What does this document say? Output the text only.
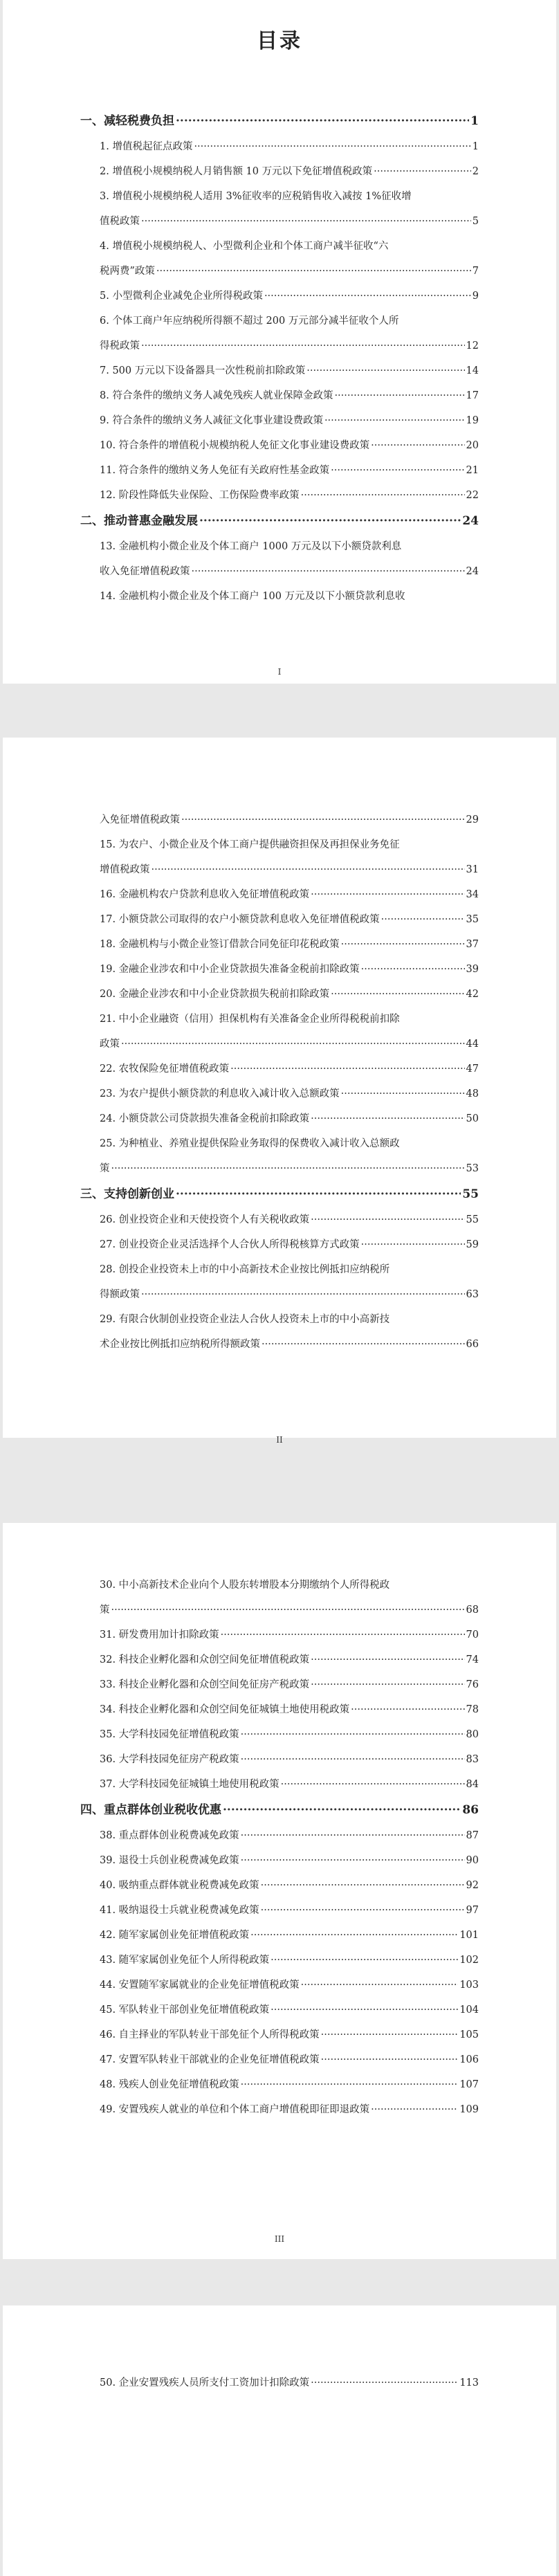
目录
一、减轻税费负担 ·····	1
1. 增值税起征点政策 ·····	1
2. 增值税小规模纳税人月销售额 10 万元以下免征增值税政策 ·····	2
3. 增值税小规模纳税人适用 3%征收率的应税销售收入减按 1%征收增
值税政策 ·····	5
4. 增值税小规模纳税人、小型微利企业和个体工商户减半征收“六
税两费”政策 ·····	7
5. 小型微利企业减免企业所得税政策 ·····	9
6. 个体工商户年应纳税所得额不超过 200 万元部分减半征收个人所
得税政策 ·····	12
7. 500 万元以下设备器具一次性税前扣除政策 ·····	14
8. 符合条件的缴纳义务人减免残疾人就业保障金政策 ·····	17
9. 符合条件的缴纳义务人减征文化事业建设费政策 ·····	19
10. 符合条件的增值税小规模纳税人免征文化事业建设费政策 ·····	20
11. 符合条件的缴纳义务人免征有关政府性基金政策 ·····	21
12. 阶段性降低失业保险、工伤保险费率政策 ·····	22
二、推动普惠金融发展 ·····	24
13. 金融机构小微企业及个体工商户 1000 万元及以下小额贷款利息
收入免征增值税政策 ·····	24
14. 金融机构小微企业及个体工商户 100 万元及以下小额贷款利息收
I
入免征增值税政策 ·····	29
15. 为农户、小微企业及个体工商户提供融资担保及再担保业务免征
增值税政策 ·····	31
16. 金融机构农户贷款利息收入免征增值税政策 ·····	34
17. 小额贷款公司取得的农户小额贷款利息收入免征增值税政策 ·····	35
18. 金融机构与小微企业签订借款合同免征印花税政策 ·····	37
19. 金融企业涉农和中小企业贷款损失准备金税前扣除政策 ·····	39
20. 金融企业涉农和中小企业贷款损失税前扣除政策 ·····	42
21. 中小企业融资（信用）担保机构有关准备金企业所得税税前扣除
政策 ·····	44
22. 农牧保险免征增值税政策 ·····	47
23. 为农户提供小额贷款的利息收入减计收入总额政策 ·····	48
24. 小额贷款公司贷款损失准备金税前扣除政策 ·····	50
25. 为种植业、养殖业提供保险业务取得的保费收入减计收入总额政
策 ·····	53
三、支持创新创业 ·····	55
26. 创业投资企业和天使投资个人有关税收政策 ·····	55
27. 创业投资企业灵活选择个人合伙人所得税核算方式政策 ·····	59
28. 创投企业投资未上市的中小高新技术企业按比例抵扣应纳税所
得额政策 ·····	63
29. 有限合伙制创业投资企业法人合伙人投资未上市的中小高新技
术企业按比例抵扣应纳税所得额政策 ·····	66
II
30. 中小高新技术企业向个人股东转增股本分期缴纳个人所得税政
策 ·····	68
31. 研发费用加计扣除政策 ·····	70
32. 科技企业孵化器和众创空间免征增值税政策 ·····	74
33. 科技企业孵化器和众创空间免征房产税政策 ·····	76
34. 科技企业孵化器和众创空间免征城镇土地使用税政策 ·····	78
35. 大学科技园免征增值税政策 ·····	80
36. 大学科技园免征房产税政策 ·····	83
37. 大学科技园免征城镇土地使用税政策 ·····	84
四、重点群体创业税收优惠 ·····	86
38. 重点群体创业税费减免政策 ·····	87
39. 退役士兵创业税费减免政策 ·····	90
40. 吸纳重点群体就业税费减免政策 ·····	92
41. 吸纳退役士兵就业税费减免政策 ·····	97
42. 随军家属创业免征增值税政策 ·····	101
43. 随军家属创业免征个人所得税政策 ·····	102
44. 安置随军家属就业的企业免征增值税政策 ·····	103
45. 军队转业干部创业免征增值税政策 ·····	104
46. 自主择业的军队转业干部免征个人所得税政策 ·····	105
47. 安置军队转业干部就业的企业免征增值税政策 ·····	106
48. 残疾人创业免征增值税政策 ·····	107
49. 安置残疾人就业的单位和个体工商户增值税即征即退政策 ·····	109
III
50. 企业安置残疾人员所支付工资加计扣除政策 ·····	113
